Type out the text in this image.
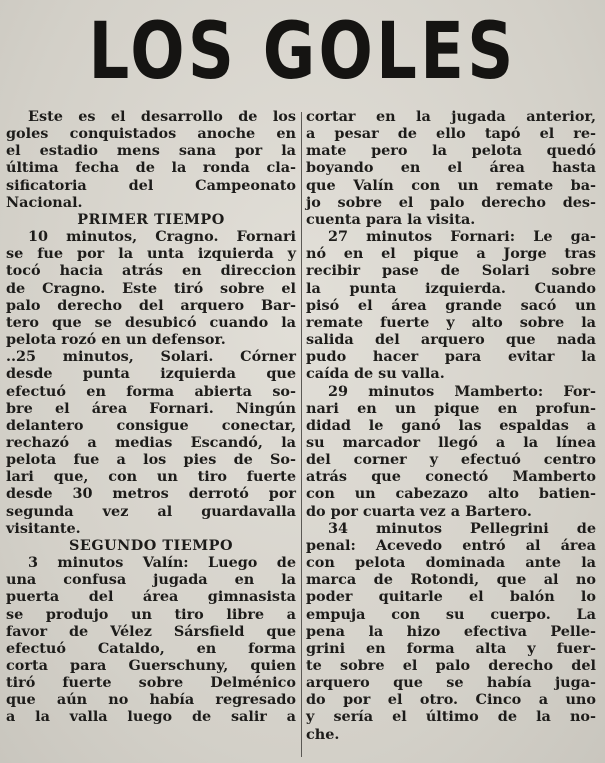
LOS GOLES
Este es el desarrollo de los
goles conquistados anoche en
el estadio mens sana por la
última fecha de la ronda cla-
sificatoria del Campeonato
Nacional.
PRIMER TIEMPO
10 minutos, Cragno. Fornari
se fue por la unta izquierda y
tocó hacia atrás en direccion
de Cragno. Este tiró sobre el
palo derecho del arquero Bar-
tero que se desubicó cuando la
pelota rozó en un defensor.
..25 minutos, Solari. Córner
desde punta izquierda que
efectuó en forma abierta so-
bre el área Fornari. Ningún
delantero consigue conectar,
rechazó a medias Escandó, la
pelota fue a los pies de So-
lari que, con un tiro fuerte
desde 30 metros derrotó por
segunda vez al guardavalla
visitante.
SEGUNDO TIEMPO
3 minutos Valín: Luego de
una confusa jugada en la
puerta del área gimnasista
se produjo un tiro libre a
favor de Vélez Sársfield que
efectuó Cataldo, en forma
corta para Guerschuny, quien
tiró fuerte sobre Delménico
que aún no había regresado
a la valla luego de salir a
cortar en la jugada anterior,
a pesar de ello tapó el re-
mate pero la pelota quedó
boyando en el área hasta
que Valín con un remate ba-
jo sobre el palo derecho des-
cuenta para la visita.
27 minutos Fornari: Le ga-
nó en el pique a Jorge tras
recibir pase de Solari sobre
la punta izquierda. Cuando
pisó el área grande sacó un
remate fuerte y alto sobre la
salida del arquero que nada
pudo hacer para evitar la
caída de su valla.
29 minutos Mamberto: For-
nari en un pique en profun-
didad le ganó las espaldas a
su marcador llegó a la línea
del corner y efectuó centro
atrás que conectó Mamberto
con un cabezazo alto batien-
do por cuarta vez a Bartero.
34 minutos Pellegrini de
penal: Acevedo entró al área
con pelota dominada ante la
marca de Rotondi, que al no
poder quitarle el balón lo
empuja con su cuerpo. La
pena la hizo efectiva Pelle-
grini en forma alta y fuer-
te sobre el palo derecho del
arquero que se había juga-
do por el otro. Cinco a uno
y sería el último de la no-
che.
